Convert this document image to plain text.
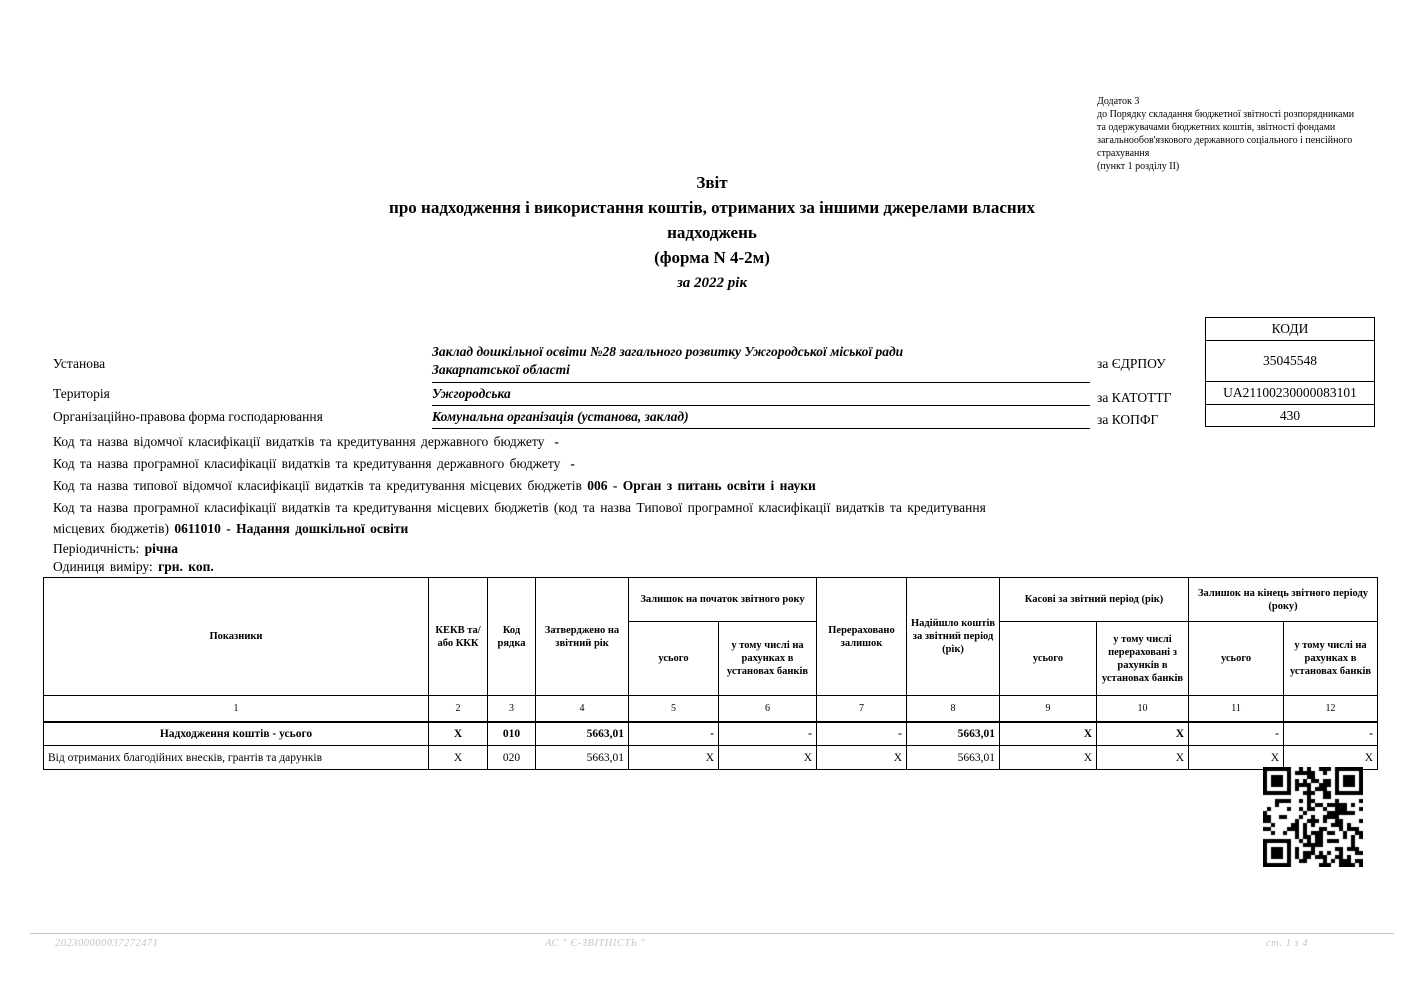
Додаток 3
до Порядку складання бюджетної звітності розпорядниками
та одержувачами бюджетних коштів, звітності фондами
загальнообов'язкового державного соціального і пенсійного
страхування
(пункт 1 розділу ІІ)
Звіт
про надходження і використання коштів, отриманих за іншими джерелами власних
надходжень
(форма N 4-2м)
за 2022 рік
КОДИ
35045548
UA21100230000083101
430
Установа
Заклад дошкільної освіти №28 загального розвитку Ужгородської міської ради
Закарпатської області	за ЄДРПОУ
Територія	Ужгородська	за КАТОТТГ
Організаційно-правова форма господарювання	Комунальна організація (установа, заклад)	за КОПФГ
Код та назва відомчої класифікації видатків та кредитування державного бюджету -
Код та назва програмної класифікації видатків та кредитування державного бюджету -
Код та назва типової відомчої класифікації видатків та кредитування місцевих бюджетів 006 - Орган з питань освіти і науки
Код та назва програмної класифікації видатків та кредитування місцевих бюджетів (код та назва Типової програмної класифікації видатків та кредитування місцевих бюджетів) 0611010 - Надання дошкільної освіти
Періодичність: річна
Одиниця виміру: грн. коп.
Показники	КЕКВ та/або ККК	Код рядка	Затверджено на звітний рік	Залишок на початок звітного року		Перераховано залишок	Надійшло коштів за звітний період (рік)	Касові за звітний період (рік)		Залишок на кінець звітного періоду (року)	
				усього	у тому числі на рахунках в установах банків			усього	у тому числі перераховані з рахунків в установах банків	усього	у тому числі на рахунках в установах банків
1	2	3	4	5	6	7	8	9	10	11	12
Надходження коштів - усього	X	010	5663,01	-	-	-	5663,01	X	X	-	-
Від отриманих благодійних внесків, грантів та дарунків	X	020	5663,01	X	X	X	5663,01	X	X	X	X
202300000037272471	АС " Є-ЗВІТНІСТЬ "	ст. 1 з 4
